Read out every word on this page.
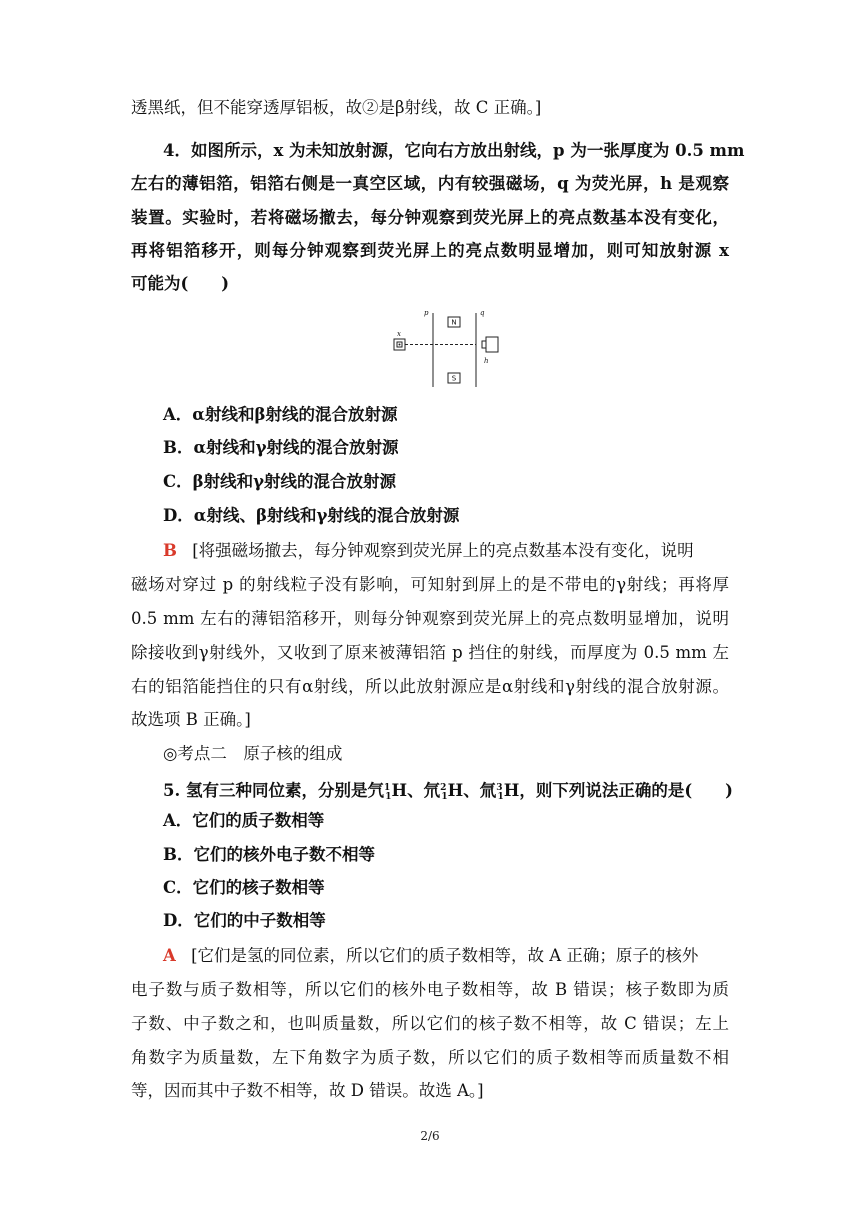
透黑纸，但不能穿透厚铝板，故②是β射线，故 C 正确。]
4．如图所示，x 为未知放射源，它向右方放出射线，p 为一张厚度为 0.5 mm
左右的薄铝箔，铝箔右侧是一真空区域，内有较强磁场，q 为荧光屏，h 是观察
装置。实验时，若将磁场撤去，每分钟观察到荧光屏上的亮点数基本没有变化，
再将铝箔移开，则每分钟观察到荧光屏上的亮点数明显增加，则可知放射源 x
可能为(　　)
x
p	q
h
N
S
A．α射线和β射线的混合放射源
B．α射线和γ射线的混合放射源
C．β射线和γ射线的混合放射源
D．α射线、β射线和γ射线的混合放射源
B [将强磁场撤去，每分钟观察到荧光屏上的亮点数基本没有变化，说明
磁场对穿过 p 的射线粒子没有影响，可知射到屏上的是不带电的γ射线；再将厚
0.5 mm 左右的薄铝箔移开，则每分钟观察到荧光屏上的亮点数明显增加，说明
除接收到γ射线外，又收到了原来被薄铝箔 p 挡住的射线，而厚度为 0.5 mm 左
右的铝箔能挡住的只有α射线，所以此放射源应是α射线和γ射线的混合放射源。
故选项 B 正确。]
◎考点二　原子核的组成
5. 氢有三种同位素，分别是氕$^1_1$H、氘$^2_1$H、氚$^3_1$H，则下列说法正确的是(　　)
A．它们的质子数相等
B．它们的核外电子数不相等
C．它们的核子数相等
D．它们的中子数相等
A [它们是氢的同位素，所以它们的质子数相等，故 A 正确；原子的核外
电子数与质子数相等，所以它们的核外电子数相等，故 B 错误；核子数即为质
子数、中子数之和，也叫质量数，所以它们的核子数不相等，故 C 错误；左上
角数字为质量数，左下角数字为质子数，所以它们的质子数相等而质量数不相
等，因而其中子数不相等，故 D 错误。故选 A。]
2/6
